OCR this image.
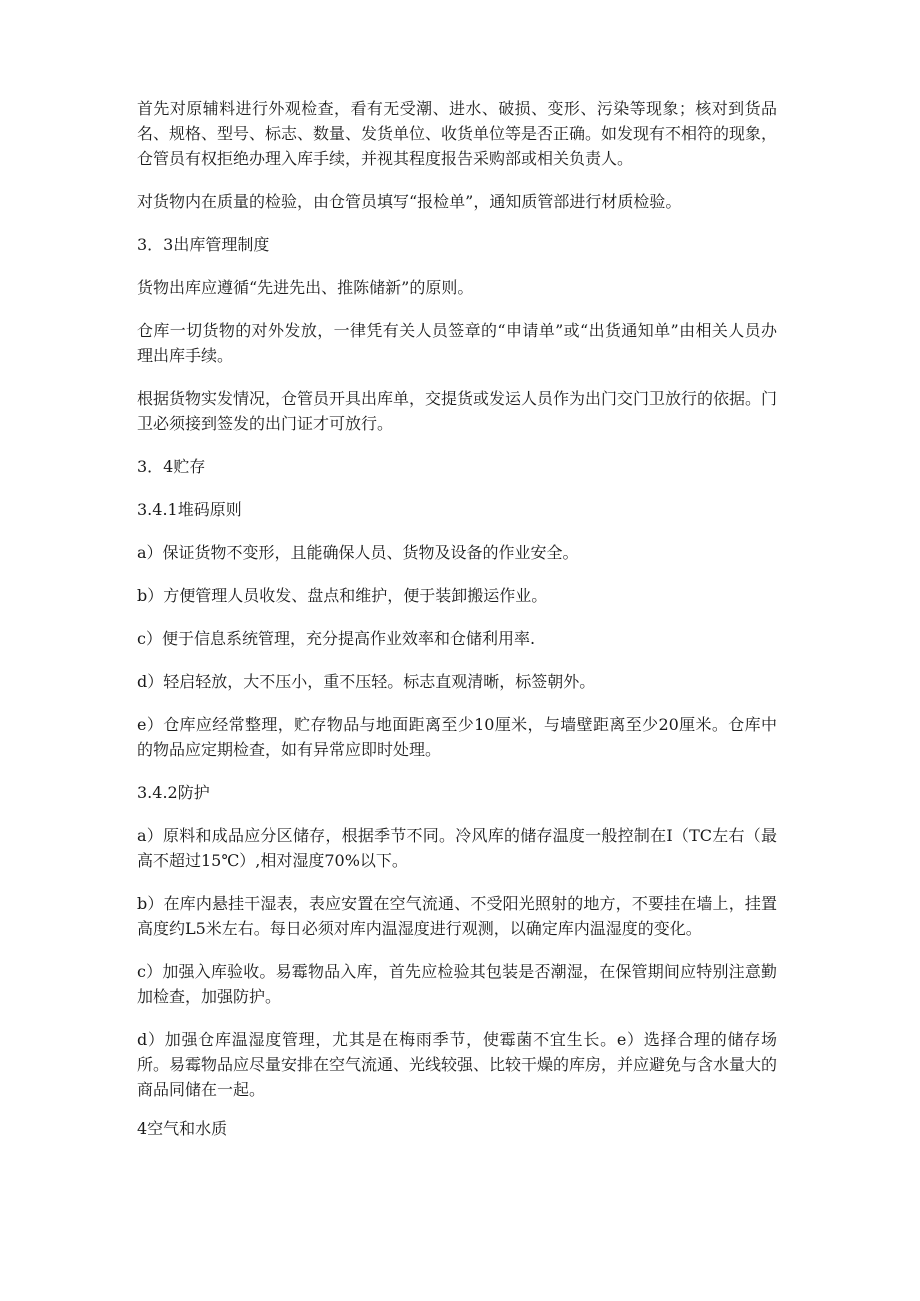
首先对原辅料进行外观检查，看有无受潮、进水、破损、变形、污染等现象；核对到货品名、规格、型号、标志、数量、发货单位、收货单位等是否正确。如发现有不相符的现象，仓管员有权拒绝办理入库手续，并视其程度报告采购部或相关负责人。

对货物内在质量的检验，由仓管员填写“报检单”，通知质管部进行材质检验。

3．3出库管理制度

货物出库应遵循“先进先出、推陈储新”的原则。

仓库一切货物的对外发放，一律凭有关人员签章的“申请单”或“出货通知单”由相关人员办理出库手续。

根据货物实发情况，仓管员开具出库单，交提货或发运人员作为出门交门卫放行的依据。门卫必须接到签发的出门证才可放行。

3．4贮存

3.4.1堆码原则

a）保证货物不变形，且能确保人员、货物及设备的作业安全。

b）方便管理人员收发、盘点和维护，便于装卸搬运作业。

c）便于信息系统管理，充分提高作业效率和仓储利用率.

d）轻启轻放，大不压小，重不压轻。标志直观清晰，标签朝外。

e）仓库应经常整理，贮存物品与地面距离至少10厘米，与墙壁距离至少20厘米。仓库中的物品应定期检查，如有异常应即时处理。

3.4.2防护

a）原料和成品应分区储存，根据季节不同。冷风库的储存温度一般控制在I（TC左右（最高不超过15℃）,相对湿度70%以下。

b）在库内悬挂干湿表，表应安置在空气流通、不受阳光照射的地方，不要挂在墙上，挂置高度约L5米左右。每日必须对库内温湿度进行观测，以确定库内温湿度的变化。

c）加强入库验收。易霉物品入库，首先应检验其包装是否潮湿，在保管期间应特别注意勤加检查，加强防护。

d）加强仓库温湿度管理，尤其是在梅雨季节，使霉菌不宜生长。e）选择合理的储存场所。易霉物品应尽量安排在空气流通、光线较强、比较干燥的库房，并应避免与含水量大的商品同储在一起。

4空气和水质
